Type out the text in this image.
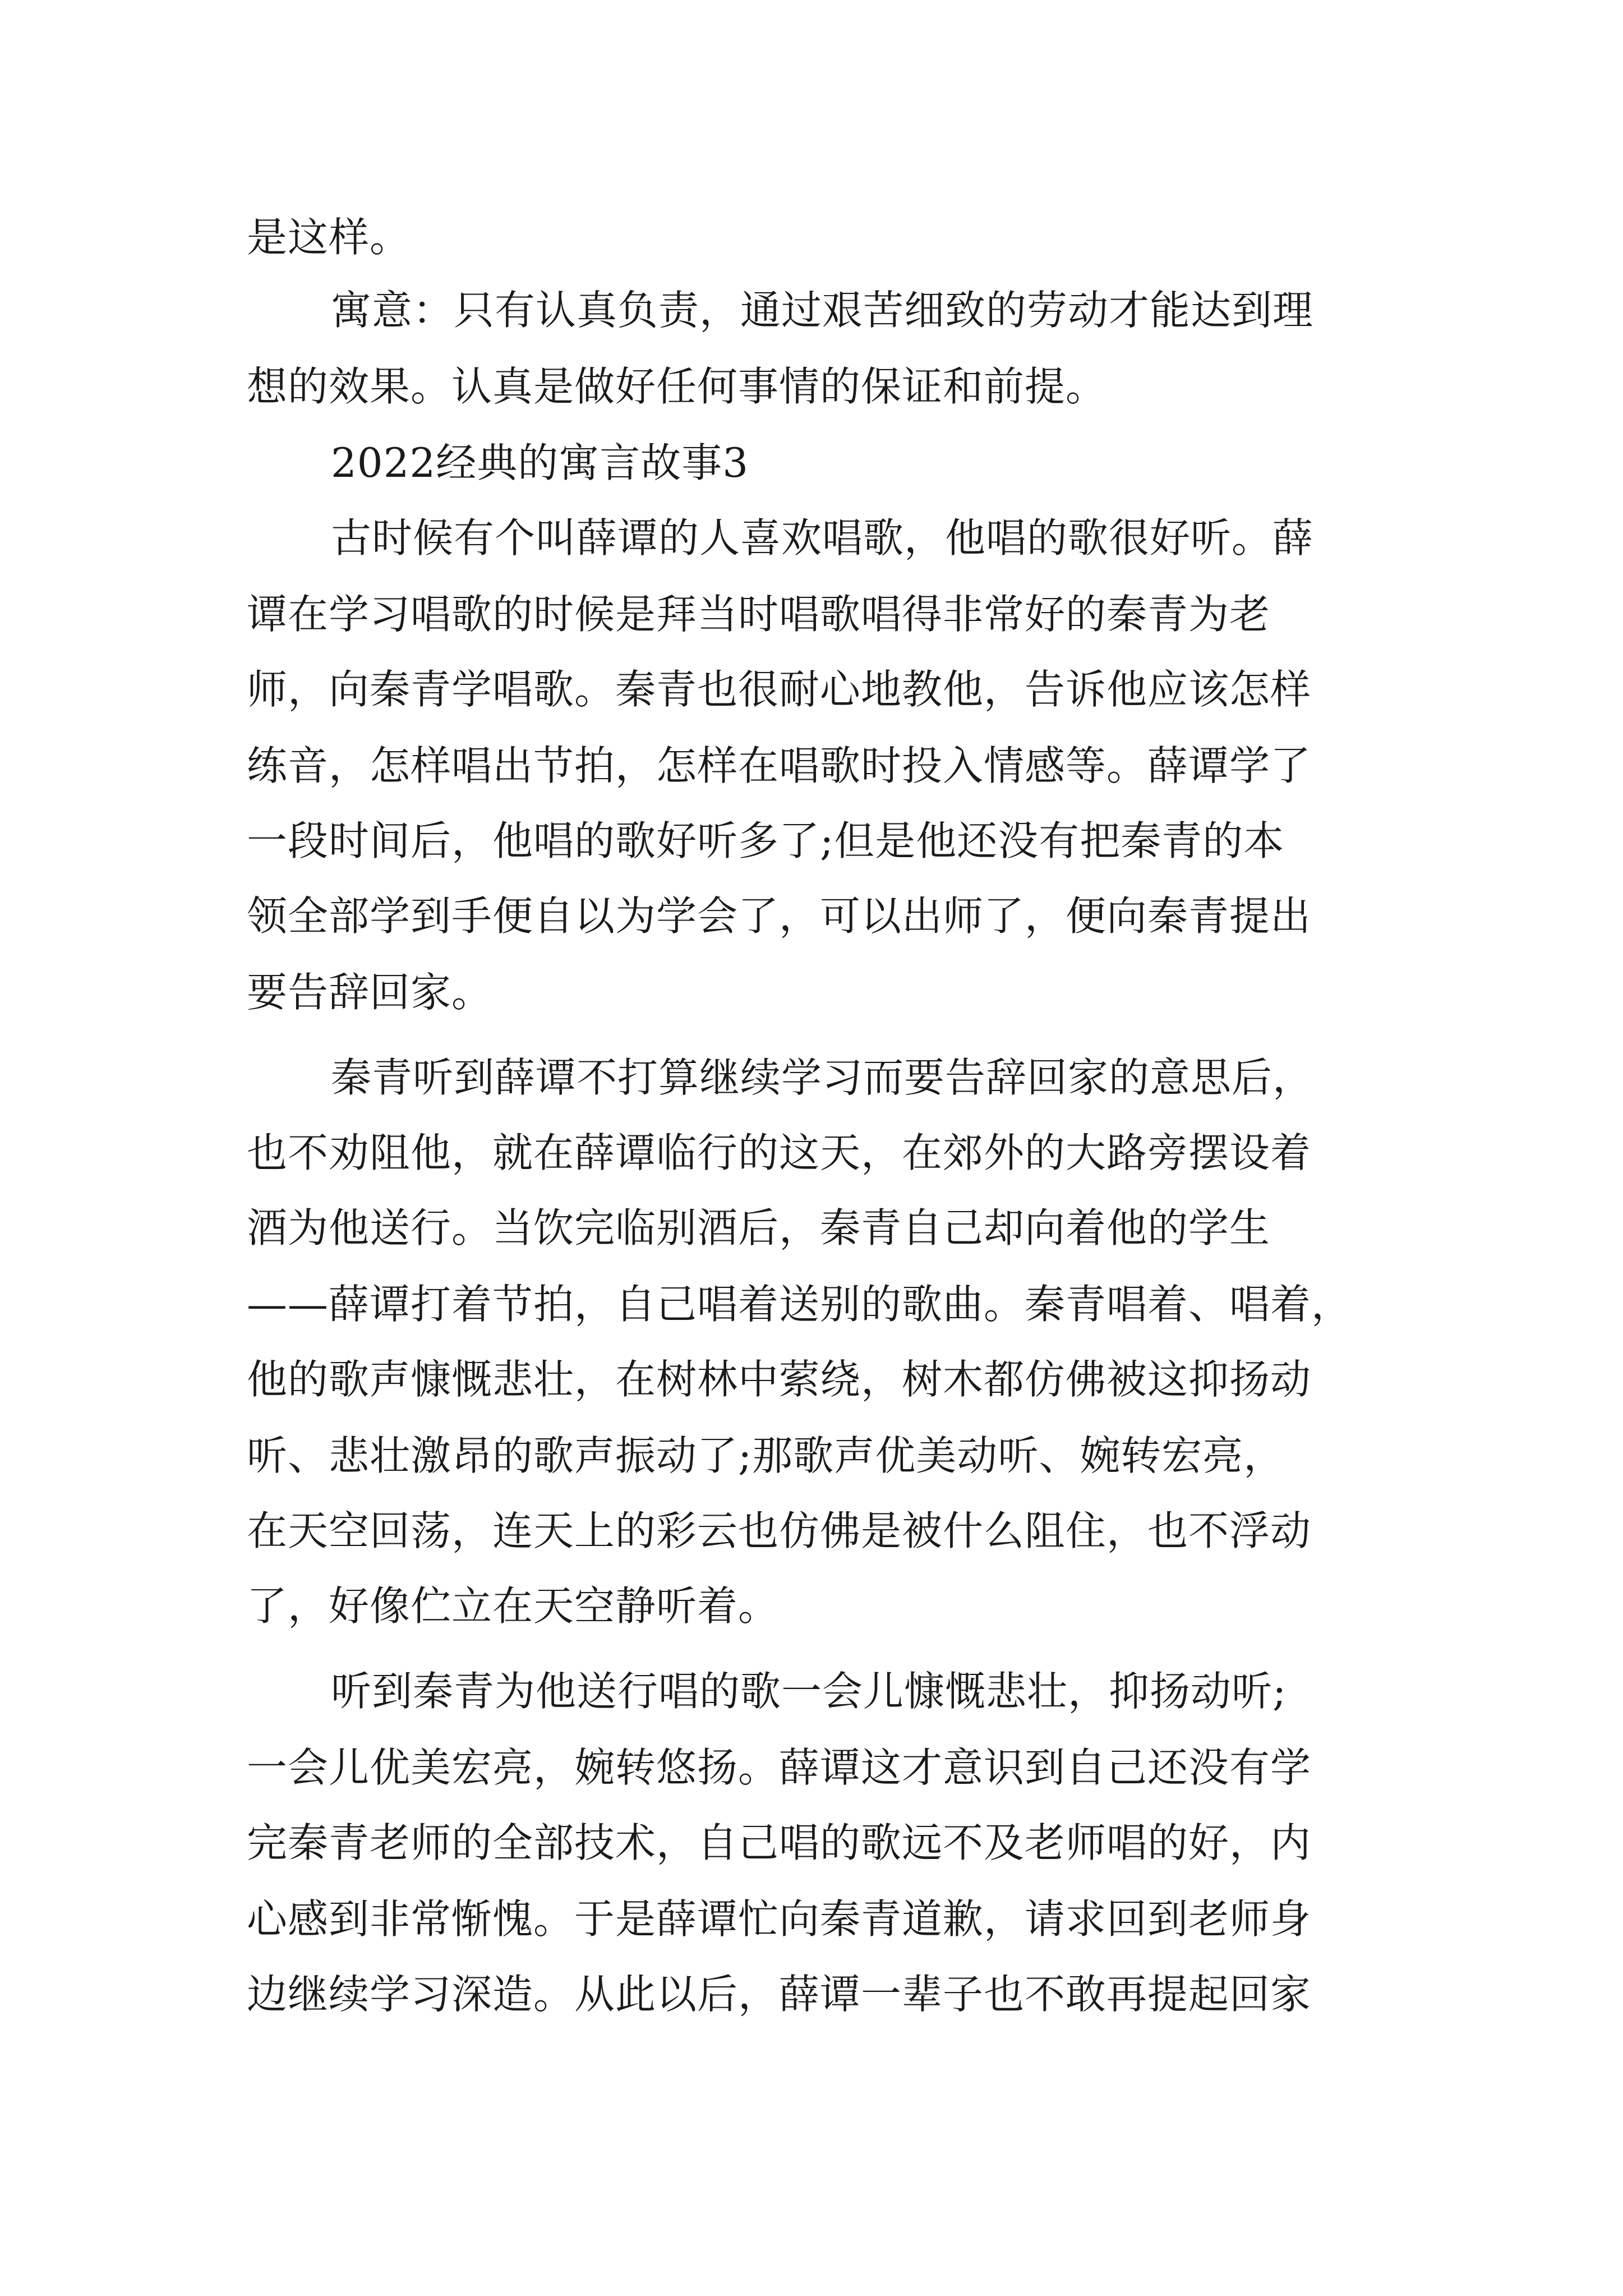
是这样。
寓意：只有认真负责，通过艰苦细致的劳动才能达到理
想的效果。认真是做好任何事情的保证和前提。
2022经典的寓言故事3
古时候有个叫薛谭的人喜欢唱歌，他唱的歌很好听。薛
谭在学习唱歌的时候是拜当时唱歌唱得非常好的秦青为老
师，向秦青学唱歌。秦青也很耐心地教他，告诉他应该怎样
练音，怎样唱出节拍，怎样在唱歌时投入情感等。薛谭学了
一段时间后，他唱的歌好听多了;但是他还没有把秦青的本
领全部学到手便自以为学会了，可以出师了，便向秦青提出
要告辞回家。
秦青听到薛谭不打算继续学习而要告辞回家的意思后，
也不劝阻他，就在薛谭临行的这天，在郊外的大路旁摆设着
酒为他送行。当饮完临别酒后，秦青自己却向着他的学生
——薛谭打着节拍，自己唱着送别的歌曲。秦青唱着、唱着，
他的歌声慷慨悲壮，在树林中萦绕，树木都仿佛被这抑扬动
听、悲壮激昂的歌声振动了;那歌声优美动听、婉转宏亮，
在天空回荡，连天上的彩云也仿佛是被什么阻住，也不浮动
了，好像伫立在天空静听着。
听到秦青为他送行唱的歌一会儿慷慨悲壮，抑扬动听;
一会儿优美宏亮，婉转悠扬。薛谭这才意识到自己还没有学
完秦青老师的全部技术，自己唱的歌远不及老师唱的好，内
心感到非常惭愧。于是薛谭忙向秦青道歉，请求回到老师身
边继续学习深造。从此以后，薛谭一辈子也不敢再提起回家
